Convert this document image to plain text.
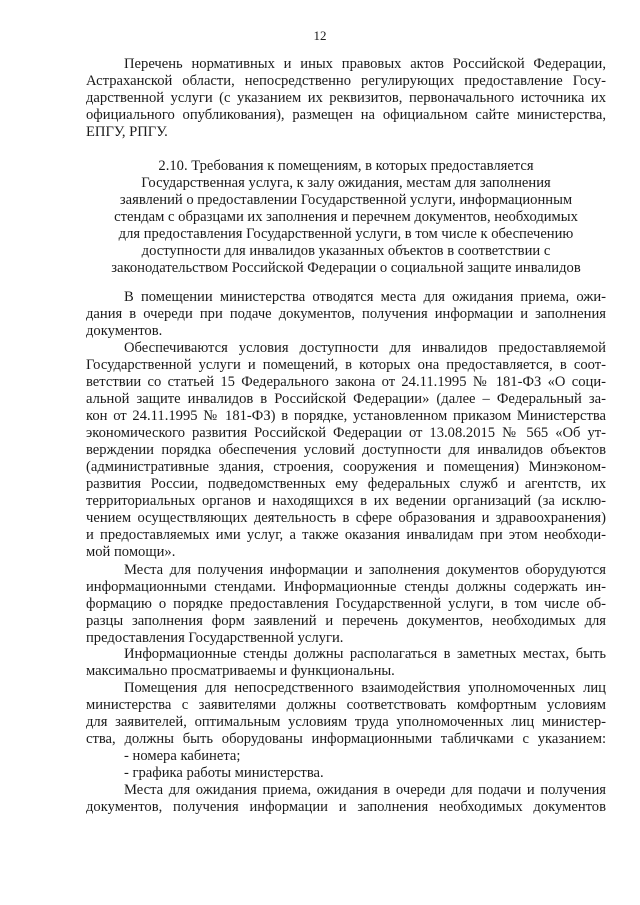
12
Перечень нормативных и иных правовых актов Российской Федерации,
Астраханской области, непосредственно регулирующих предоставление Госу-
дарственной услуги (с указанием их реквизитов, первоначального источника их
официального опубликования), размещен на официальном сайте министерства,
ЕПГУ, РПГУ.
2.10. Требования к помещениям, в которых предоставляется
Государственная услуга, к залу ожидания, местам для заполнения
заявлений о предоставлении Государственной услуги, информационным
стендам с образцами их заполнения и перечнем документов, необходимых
для предоставления Государственной услуги, в том числе к обеспечению
доступности для инвалидов указанных объектов в соответствии с
законодательством Российской Федерации о социальной защите инвалидов
В помещении министерства отводятся места для ожидания приема, ожи-
дания в очереди при подаче документов, получения информации и заполнения
документов.
Обеспечиваются условия доступности для инвалидов предоставляемой
Государственной услуги и помещений, в которых она предоставляется, в соот-
ветствии со статьей 15 Федерального закона от 24.11.1995 № 181-ФЗ «О соци-
альной защите инвалидов в Российской Федерации» (далее – Федеральный за-
кон от 24.11.1995 № 181-ФЗ) в порядке, установленном приказом Министерства
экономического развития Российской Федерации от 13.08.2015 № 565 «Об ут-
верждении порядка обеспечения условий доступности для инвалидов объектов
(административные здания, строения, сооружения и помещения) Минэконом-
развития России, подведомственных ему федеральных служб и агентств, их
территориальных органов и находящихся в их ведении организаций (за исклю-
чением осуществляющих деятельность в сфере образования и здравоохранения)
и предоставляемых ими услуг, а также оказания инвалидам при этом необходи-
мой помощи».
Места для получения информации и заполнения документов оборудуются
информационными стендами. Информационные стенды должны содержать ин-
формацию о порядке предоставления Государственной услуги, в том числе об-
разцы заполнения форм заявлений и перечень документов, необходимых для
предоставления Государственной услуги.
Информационные стенды должны располагаться в заметных местах, быть
максимально просматриваемы и функциональны.
Помещения для непосредственного взаимодействия уполномоченных лиц
министерства с заявителями должны соответствовать комфортным условиям
для заявителей, оптимальным условиям труда уполномоченных лиц министер-
ства, должны быть оборудованы информационными табличками с указанием:
- номера кабинета;
- графика работы министерства.
Места для ожидания приема, ожидания в очереди для подачи и получения
документов, получения информации и заполнения необходимых документов
